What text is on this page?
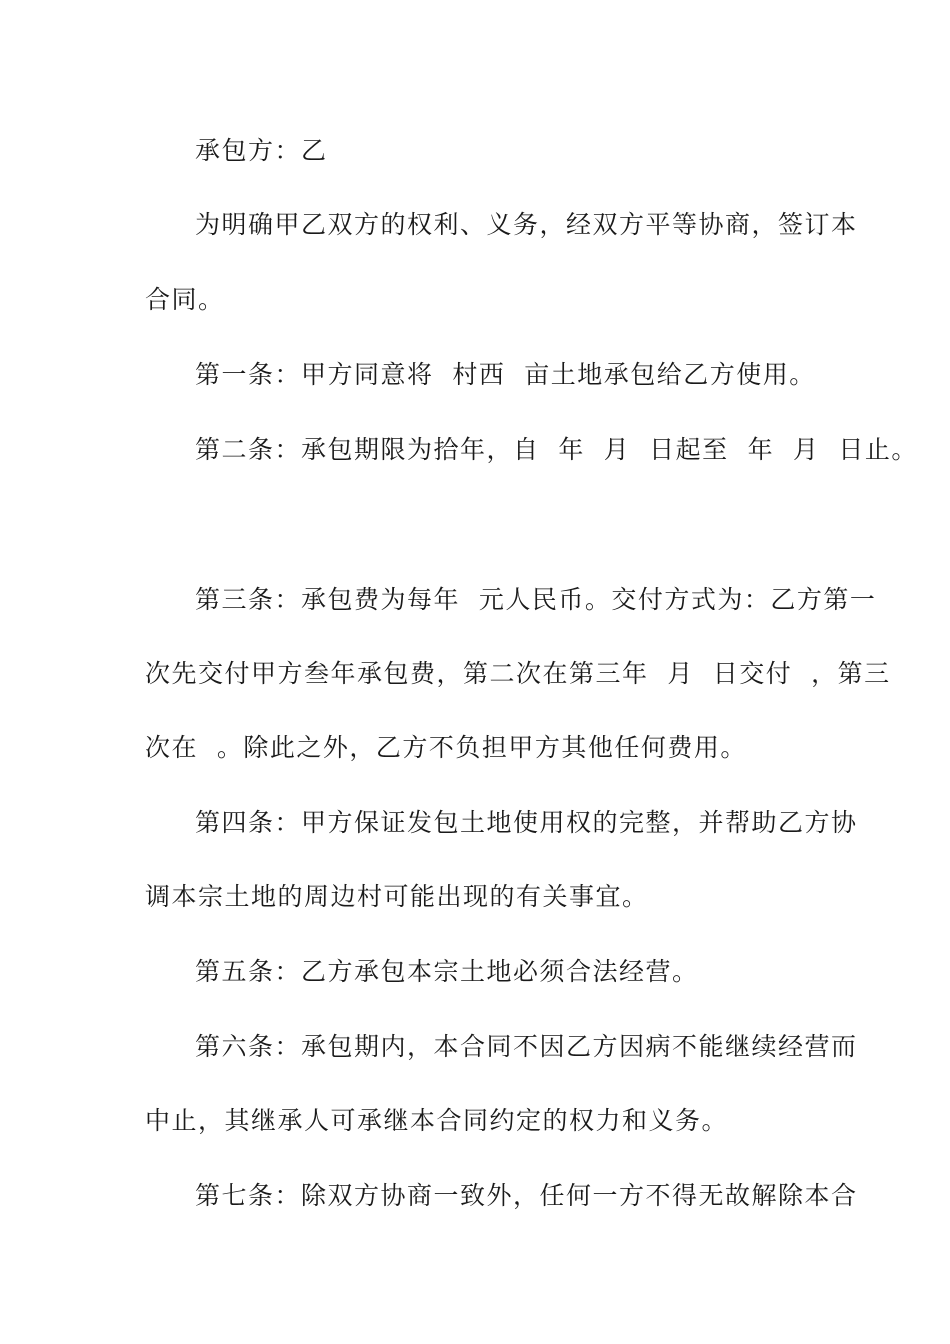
承包方：乙
为明确甲乙双方的权利、义务，经双方平等协商，签订本
合同。
第一条：甲方同意将  村西  亩土地承包给乙方使用。
第二条：承包期限为拾年，自  年  月  日起至  年  月  日止。
第三条：承包费为每年  元人民币。交付方式为：乙方第一
次先交付甲方叁年承包费，第二次在第三年  月  日交付  ，第三
次在  。除此之外，乙方不负担甲方其他任何费用。
第四条：甲方保证发包土地使用权的完整，并帮助乙方协
调本宗土地的周边村可能出现的有关事宜。
第五条：乙方承包本宗土地必须合法经营。
第六条：承包期内，本合同不因乙方因病不能继续经营而
中止，其继承人可承继本合同约定的权力和义务。
第七条：除双方协商一致外，任何一方不得无故解除本合
